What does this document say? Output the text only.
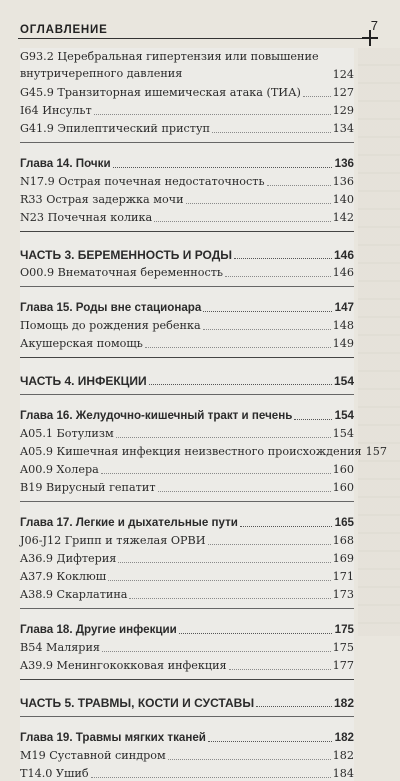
ОГЛАВЛЕНИЕ	7
G93.2 Церебральная гипертензия или повышение внутричерепного давления	124
G45.9 Транзиторная ишемическая атака (ТИА)	127
I64 Инсульт	129
G41.9 Эпилептический приступ	134
Глава 14. Почки	136
N17.9 Острая почечная недостаточность	136
R33 Острая задержка мочи	140
N23 Почечная колика	142
ЧАСТЬ 3. БЕРЕМЕННОСТЬ И РОДЫ	146
O00.9 Внематочная беременность	146
Глава 15. Роды вне стационара	147
Помощь до рождения ребенка	148
Акушерская помощь	149
ЧАСТЬ 4. ИНФЕКЦИИ	154
Глава 16. Желудочно-кишечный тракт и печень	154
A05.1 Ботулизм	154
A05.9 Кишечная инфекция неизвестного происхождения 157
A00.9 Холера	160
B19 Вирусный гепатит	160
Глава 17. Легкие и дыхательные пути	165
J06-J12 Грипп и тяжелая ОРВИ	168
A36.9 Дифтерия	169
A37.9 Коклюш	171
A38.9 Скарлатина	173
Глава 18. Другие инфекции	175
B54 Малярия	175
A39.9 Менингококковая инфекция	177
ЧАСТЬ 5. ТРАВМЫ, КОСТИ И СУСТАВЫ	182
Глава 19. Травмы мягких тканей	182
M19 Суставной синдром	182
T14.0 Ушиб	184
